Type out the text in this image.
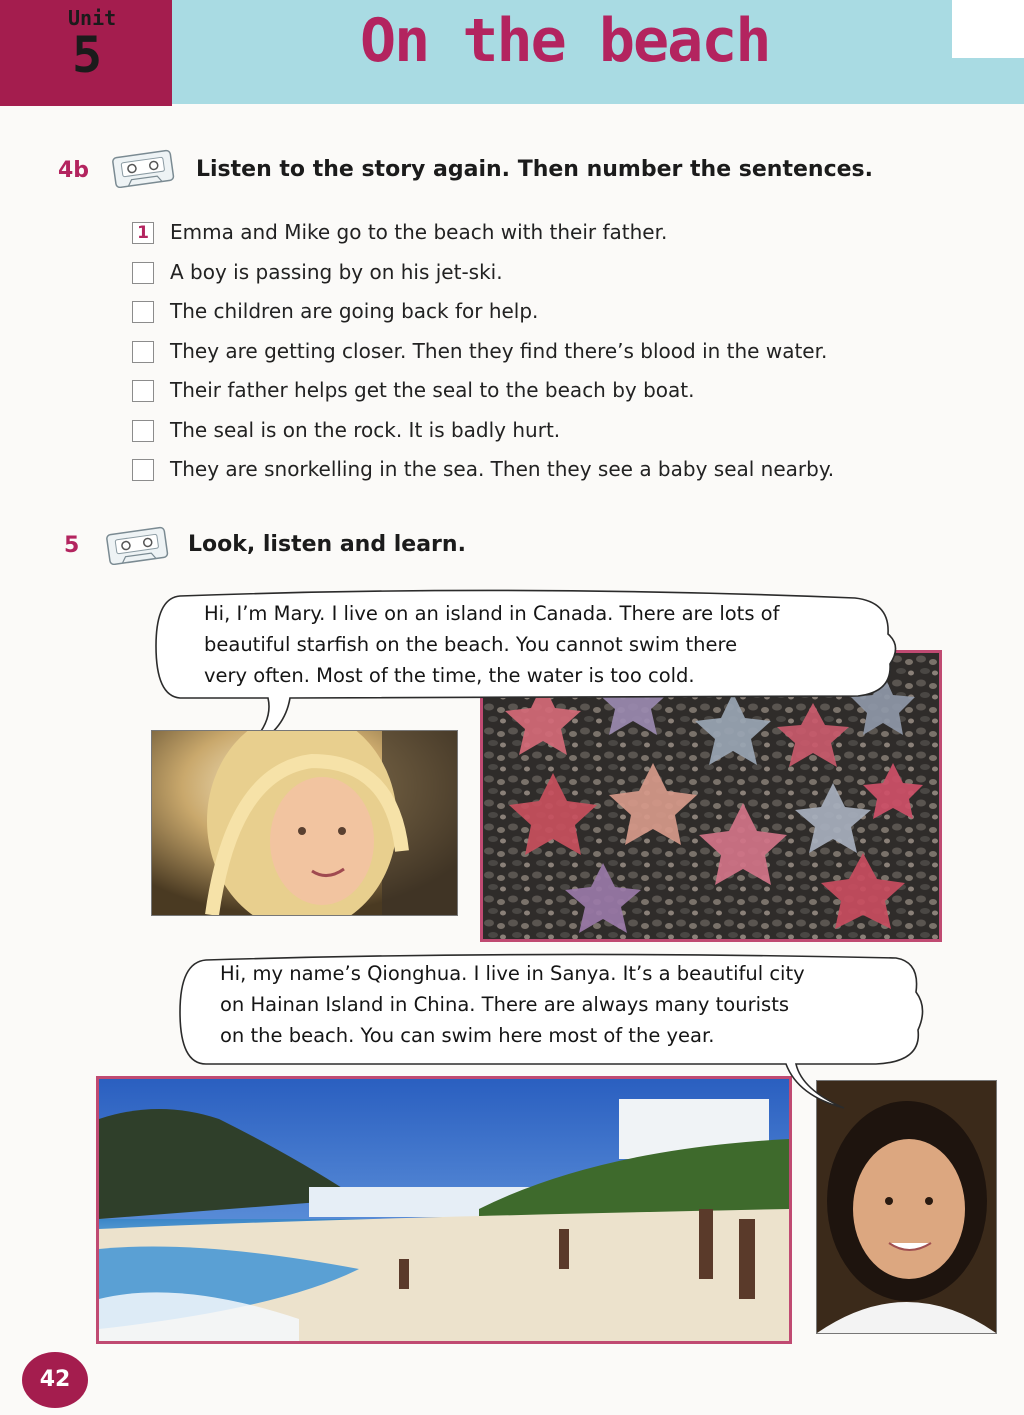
Unit
5	On the beach
4b	Listen to the story again. Then number the sentences.
1 Emma and Mike go to the beach with their father.
A boy is passing by on his jet-ski.
The children are going back for help.
They are getting closer. Then they find there’s blood in the water.
Their father helps get the seal to the beach by boat.
The seal is on the rock. It is badly hurt.
They are snorkelling in the sea. Then they see a baby seal nearby.
5	Look, listen and learn.
Hi, I’m Mary. I live on an island in Canada. There are lots of
beautiful starfish on the beach. You cannot swim there
very often. Most of the time, the water is too cold.
Hi, my name’s Qionghua. I live in Sanya. It’s a beautiful city
on Hainan Island in China. There are always many tourists
on the beach. You can swim here most of the year.
42
